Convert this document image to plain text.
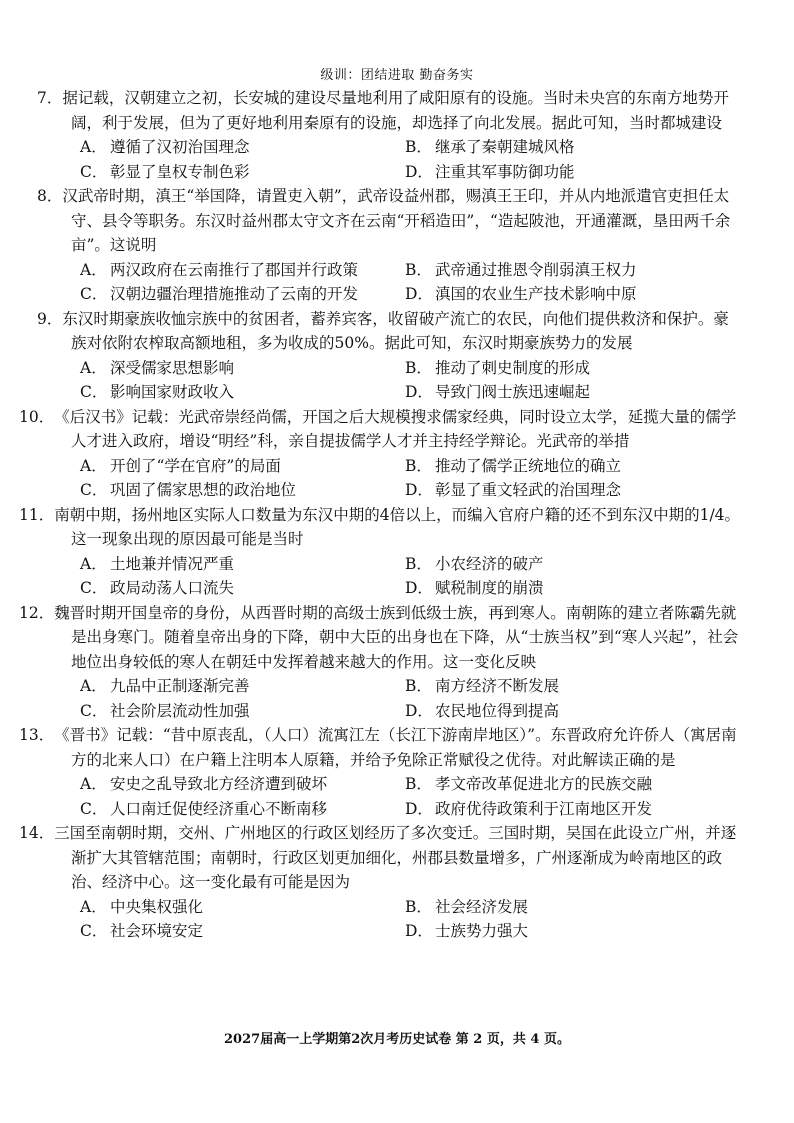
级训：团结进取 勤奋务实
7．据记载，汉朝建立之初，长安城的建设尽量地利用了咸阳原有的设施。当时未央宫的东南方地势开阔，利于发展，但为了更好地利用秦原有的设施，却选择了向北发展。据此可知，当时都城建设
A． 遵循了汉初治国理念	B． 继承了秦朝建城风格
C． 彰显了皇权专制色彩	D． 注重其军事防御功能
8．汉武帝时期，滇王“举国降，请置吏入朝”，武帝设益州郡，赐滇王王印，并从内地派遣官吏担任太守、县令等职务。东汉时益州郡太守文齐在云南“开稻造田”，“造起陂池，开通灌溉，垦田两千余亩”。这说明
A． 两汉政府在云南推行了郡国并行政策	B． 武帝通过推恩令削弱滇王权力
C． 汉朝边疆治理措施推动了云南的开发	D． 滇国的农业生产技术影响中原
9．东汉时期豪族收恤宗族中的贫困者，蓄养宾客，收留破产流亡的农民，向他们提供救济和保护。豪族对依附农榨取高额地租，多为收成的50%。据此可知，东汉时期豪族势力的发展
A． 深受儒家思想影响	B． 推动了刺史制度的形成
C． 影响国家财政收入	D． 导致门阀士族迅速崛起
10．《后汉书》记载：光武帝崇经尚儒，开国之后大规模搜求儒家经典，同时设立太学，延揽大量的儒学人才进入政府，增设“明经”科，亲自提拔儒学人才并主持经学辩论。光武帝的举措
A． 开创了“学在官府”的局面	B． 推动了儒学正统地位的确立
C． 巩固了儒家思想的政治地位	D． 彰显了重文轻武的治国理念
11．南朝中期，扬州地区实际人口数量为东汉中期的4倍以上，而编入官府户籍的还不到东汉中期的1/4。这一现象出现的原因最可能是当时
A． 土地兼并情况严重	B． 小农经济的破产
C． 政局动荡人口流失	D． 赋税制度的崩溃
12．魏晋时期开国皇帝的身份，从西晋时期的高级士族到低级士族，再到寒人。南朝陈的建立者陈霸先就是出身寒门。随着皇帝出身的下降，朝中大臣的出身也在下降，从“士族当权”到“寒人兴起”，社会地位出身较低的寒人在朝廷中发挥着越来越大的作用。这一变化反映
A． 九品中正制逐渐完善	B． 南方经济不断发展
C． 社会阶层流动性加强	D． 农民地位得到提高
13．《晋书》记载：“昔中原丧乱，（人口）流寓江左（长江下游南岸地区）”。东晋政府允许侨人（寓居南方的北来人口）在户籍上注明本人原籍，并给予免除正常赋役之优待。对此解读正确的是
A． 安史之乱导致北方经济遭到破坏	B． 孝文帝改革促进北方的民族交融
C． 人口南迁促使经济重心不断南移	D． 政府优待政策利于江南地区开发
14．三国至南朝时期，交州、广州地区的行政区划经历了多次变迁。三国时期，吴国在此设立广州，并逐渐扩大其管辖范围；南朝时，行政区划更加细化，州郡县数量增多，广州逐渐成为岭南地区的政治、经济中心。这一变化最有可能是因为
A． 中央集权强化	B． 社会经济发展
C． 社会环境安定	D． 士族势力强大
2027届高一上学期第2次月考历史试卷 第 2 页，共 4 页。
